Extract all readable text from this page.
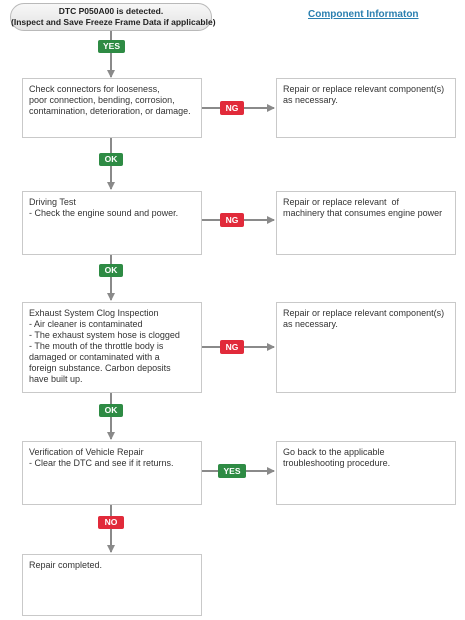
DTC P050A00 is detected.
(Inspect and Save Freeze Frame Data if applicable)
Component Informaton
Check connectors for looseness,
poor connection, bending, corrosion,
contamination, deterioration, or damage.
Repair or replace relevant component(s)
as necessary.
Driving Test
- Check the engine sound and power.
Repair or replace relevant  of
machinery that consumes engine power
Exhaust System Clog Inspection
- Air cleaner is contaminated
- The exhaust system hose is clogged
- The mouth of the throttle body is
damaged or contaminated with a
foreign substance. Carbon deposits
have built up.
Repair or replace relevant component(s)
as necessary.
Verification of Vehicle Repair
- Clear the DTC and see if it returns.
Go back to the applicable
troubleshooting procedure.
Repair completed.
YES
OK
OK
OK
NO
NG
NG
NG
YES
